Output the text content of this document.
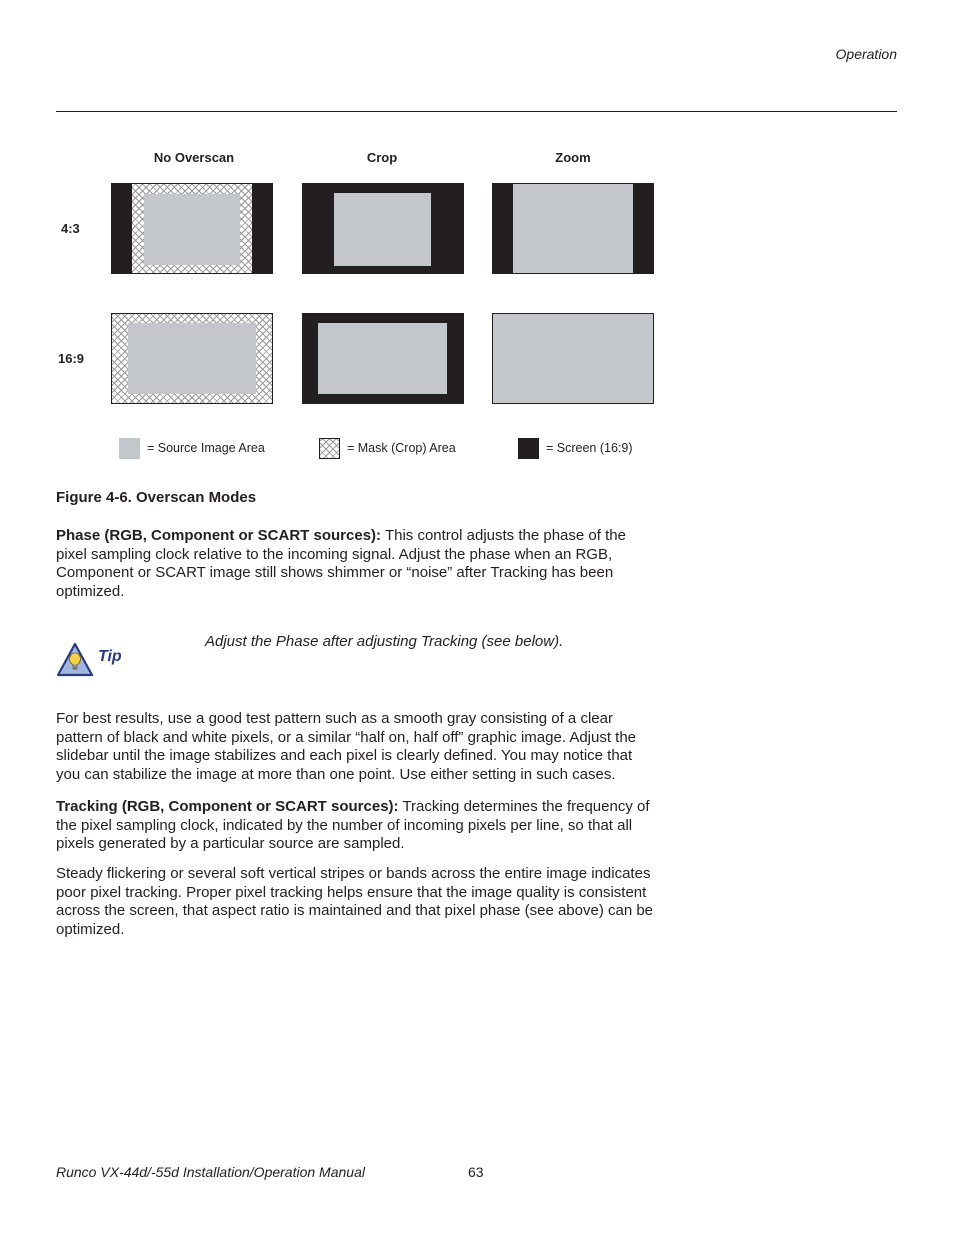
Operation
No Overscan	Crop	Zoom
4:3
16:9
= Source Image Area	= Mask (Crop) Area	= Screen (16:9)
Figure 4-6. Overscan Modes
Phase (RGB, Component or SCART sources): This control adjusts the phase of the pixel sampling clock relative to the incoming signal. Adjust the phase when an RGB, Component or SCART image still shows shimmer or “noise” after Tracking has been optimized.
Tip
Adjust the Phase after adjusting Tracking (see below).
For best results, use a good test pattern such as a smooth gray consisting of a clear pattern of black and white pixels, or a similar “half on, half off” graphic image. Adjust the slidebar until the image stabilizes and each pixel is clearly defined. You may notice that you can stabilize the image at more than one point. Use either setting in such cases.
Tracking (RGB, Component or SCART sources): Tracking determines the frequency of the pixel sampling clock, indicated by the number of incoming pixels per line, so that all pixels generated by a particular source are sampled.
Steady flickering or several soft vertical stripes or bands across the entire image indicates poor pixel tracking. Proper pixel tracking helps ensure that the image quality is consistent across the screen, that aspect ratio is maintained and that pixel phase (see above) can be optimized.
Runco VX-44d/-55d Installation/Operation Manual	63
